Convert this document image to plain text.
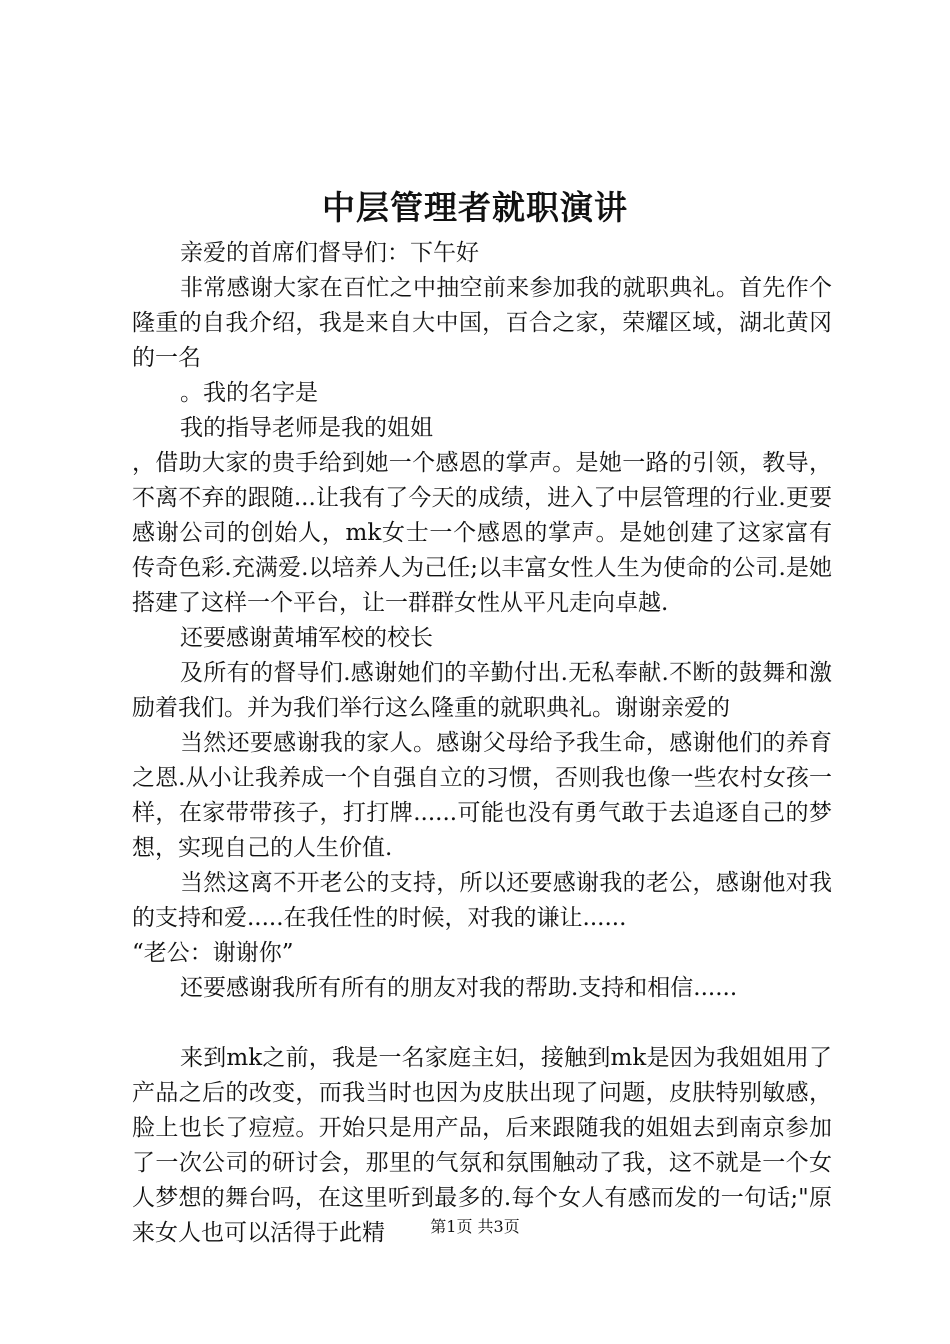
中层管理者就职演讲

亲爱的首席们督导们：下午好

非常感谢大家在百忙之中抽空前来参加我的就职典礼。首先作个隆重的自我介绍，我是来自大中国，百合之家，荣耀区域，湖北黄冈的一名

。我的名字是

我的指导老师是我的姐姐

，借助大家的贵手给到她一个感恩的掌声。是她一路的引领，教导，不离不弃的跟随...让我有了今天的成绩，进入了中层管理的行业.更要感谢公司的创始人，mk女士一个感恩的掌声。是她创建了这家富有传奇色彩.充满爱.以培养人为己任;以丰富女性人生为使命的公司.是她搭建了这样一个平台，让一群群女性从平凡走向卓越.

还要感谢黄埔军校的校长

及所有的督导们.感谢她们的辛勤付出.无私奉献.不断的鼓舞和激励着我们。并为我们举行这么隆重的就职典礼。谢谢亲爱的

当然还要感谢我的家人。感谢父母给予我生命，感谢他们的养育之恩.从小让我养成一个自强自立的习惯，否则我也像一些农村女孩一样，在家带带孩子，打打牌......可能也没有勇气敢于去追逐自己的梦想，实现自己的人生价值.

当然这离不开老公的支持，所以还要感谢我的老公，感谢他对我的支持和爱.....在我任性的时候，对我的谦让......

“老公：谢谢你”

还要感谢我所有所有的朋友对我的帮助.支持和相信......

来到mk之前，我是一名家庭主妇，接触到mk是因为我姐姐用了产品之后的改变，而我当时也因为皮肤出现了问题，皮肤特别敏感，脸上也长了痘痘。开始只是用产品，后来跟随我的姐姐去到南京参加了一次公司的研讨会，那里的气氛和氛围触动了我，这不就是一个女人梦想的舞台吗，在这里听到最多的.每个女人有感而发的一句话;"原来女人也可以活得于此精	第1页 共3页
